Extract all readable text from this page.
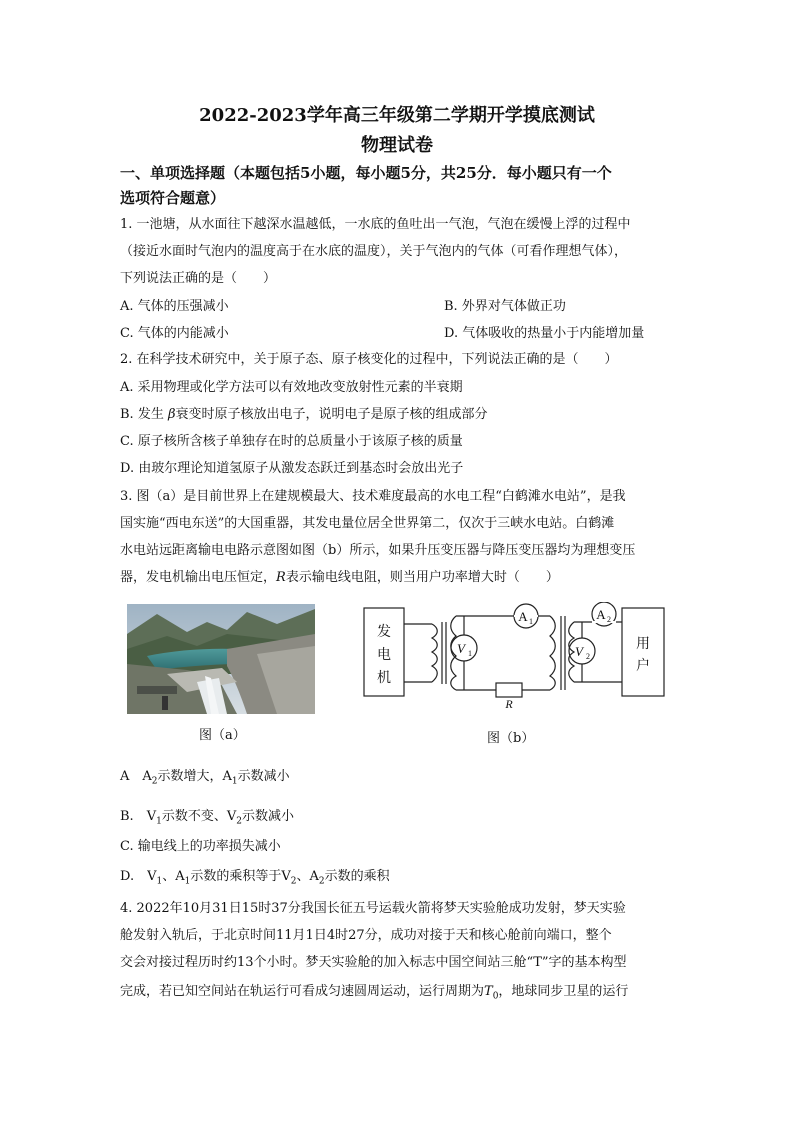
2022-2023学年高三年级第二学期开学摸底测试
物理试卷
一、单项选择题（本题包括5小题，每小题5分，共25分．每小题只有一个
选项符合题意）
1. 一池塘，从水面往下越深水温越低，一水底的鱼吐出一气泡，气泡在缓慢上浮的过程中
（接近水面时气泡内的温度高于在水底的温度），关于气泡内的气体（可看作理想气体），
下列说法正确的是（　　）
A. 气体的压强减小	B. 外界对气体做正功
C. 气体的内能减小	D. 气体吸收的热量小于内能增加量
2. 在科学技术研究中，关于原子态、原子核变化的过程中，下列说法正确的是（　　）
A. 采用物理或化学方法可以有效地改变放射性元素的半衰期
B. 发生 β衰变时原子核放出电子，说明电子是原子核的组成部分
C. 原子核所含核子单独存在时的总质量小于该原子核的质量
D. 由玻尔理论知道氢原子从激发态跃迁到基态时会放出光子
3. 图（a）是目前世界上在建规模最大、技术难度最高的水电工程“白鹤滩水电站”，是我
国实施“西电东送”的大国重器，其发电量位居全世界第二，仅次于三峡水电站。白鹤滩
水电站远距离输电电路示意图如图（b）所示，如果升压变压器与降压变压器均为理想变压
器，发电机输出电压恒定，R表示输电线电阻，则当用户功率增大时（　　）
图（a）
发
电
机
用
户
V 1
A 1
V 2
A 2
R
图（b）
A　$A_2$示数增大，$A_1$示数减小
B.　$V_1$示数不变、$V_2$示数减小
C. 输电线上的功率损失减小
D.　$V_1$、$A_1$示数的乘积等于$V_2$、$A_2$示数的乘积
4. 2022年10月31日15时37分我国长征五号运载火箭将梦天实验舱成功发射，梦天实验
舱发射入轨后，于北京时间11月1日4时27分，成功对接于天和核心舱前向端口，整个
交会对接过程历时约13个小时。梦天实验舱的加入标志中国空间站三舱“T”字的基本构型
完成，若已知空间站在轨运行可看成匀速圆周运动，运行周期为$T_0$，地球同步卫星的运行
